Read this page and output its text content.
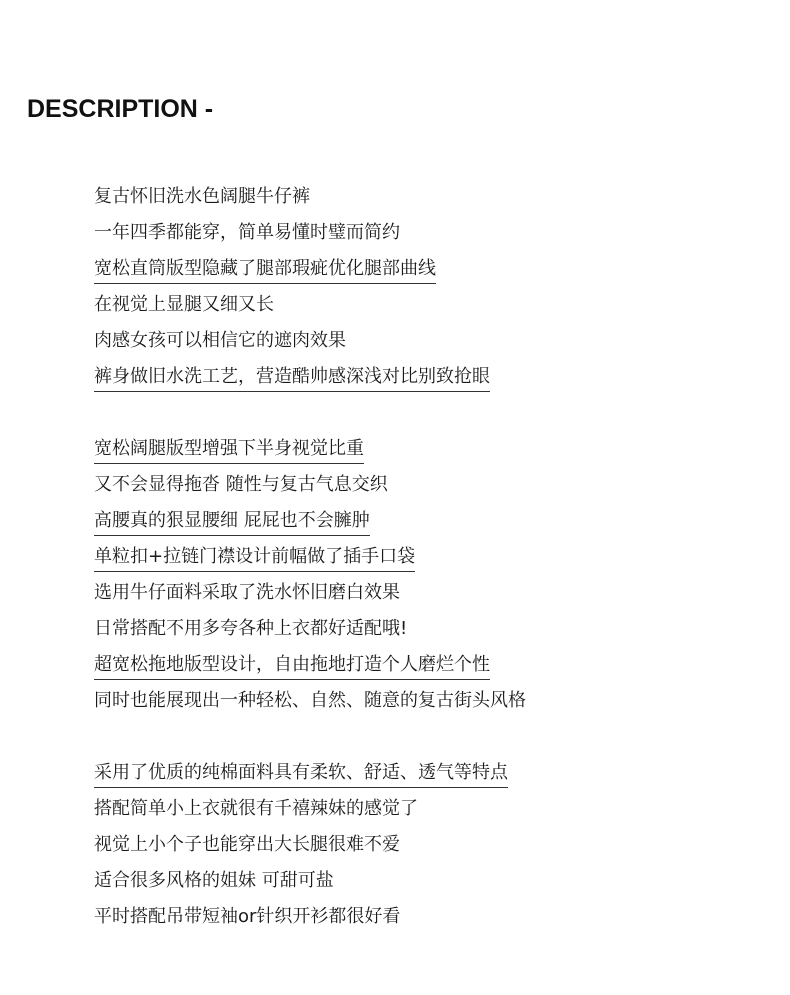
DESCRIPTION -
复古怀旧洗水色阔腿牛仔裤
一年四季都能穿，简单易懂时璧而简约
宽松直筒版型隐藏了腿部瑕疵优化腿部曲线
在视觉上显腿又细又长
肉感女孩可以相信它的遮肉效果
裤身做旧水洗工艺，营造酷帅感深浅对比别致抢眼
宽松阔腿版型增强下半身视觉比重
又不会显得拖沓 随性与复古气息交织
高腰真的狠显腰细 屁屁也不会臃肿
单粒扣+拉链门襟设计前幅做了插手口袋
选用牛仔面料采取了洗水怀旧磨白效果
日常搭配不用多夸各种上衣都好适配哦!
超宽松拖地版型设计，自由拖地打造个人磨烂个性
同时也能展现出一种轻松、自然、随意的复古街头风格
采用了优质的纯棉面料具有柔软、舒适、透气等特点
搭配简单小上衣就很有千禧辣妹的感觉了
视觉上小个子也能穿出大长腿很难不爱
适合很多风格的姐妹 可甜可盐
平时搭配吊带短袖or针织开衫都很好看
